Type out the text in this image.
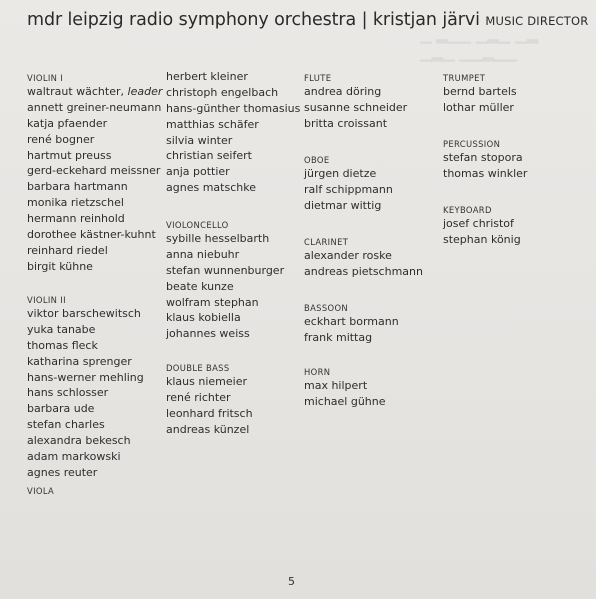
▁ ▂▁▁ ▁▂▁ ▁▂
▁▂▁ ▁▁▂▁▁
mdr leipzig radio symphony orchestra | kristjan järvi MUSIC DIRECTOR
VIOLIN I
waltraut wächter, leader
annett greiner-neumann
katja pfaender
rené bogner
hartmut preuss
gerd-eckehard meissner
barbara hartmann
monika rietzschel
hermann reinhold
dorothee kästner-kuhnt
reinhard riedel
birgit kühne
VIOLIN II
viktor barschewitsch
yuka tanabe
thomas fleck
katharina sprenger
hans-werner mehling
hans schlosser
barbara ude
stefan charles
alexandra bekesch
adam markowski
agnes reuter
VIOLA
herbert kleiner
christoph engelbach
hans-günther thomasius
matthias schäfer
silvia winter
christian seifert
anja pottier
agnes matschke
VIOLONCELLO
sybille hesselbarth
anna niebuhr
stefan wunnenburger
beate kunze
wolfram stephan
klaus kobiella
johannes weiss
DOUBLE BASS
klaus niemeier
rené richter
leonhard fritsch
andreas künzel
FLUTE
andrea döring
susanne schneider
britta croissant
OBOE
jürgen dietze
ralf schippmann
dietmar wittig
CLARINET
alexander roske
andreas pietschmann
BASSOON
eckhart bormann
frank mittag
HORN
max hilpert
michael gühne
TRUMPET
bernd bartels
lothar müller
PERCUSSION
stefan stopora
thomas winkler
KEYBOARD
josef christof
stephan könig
5
